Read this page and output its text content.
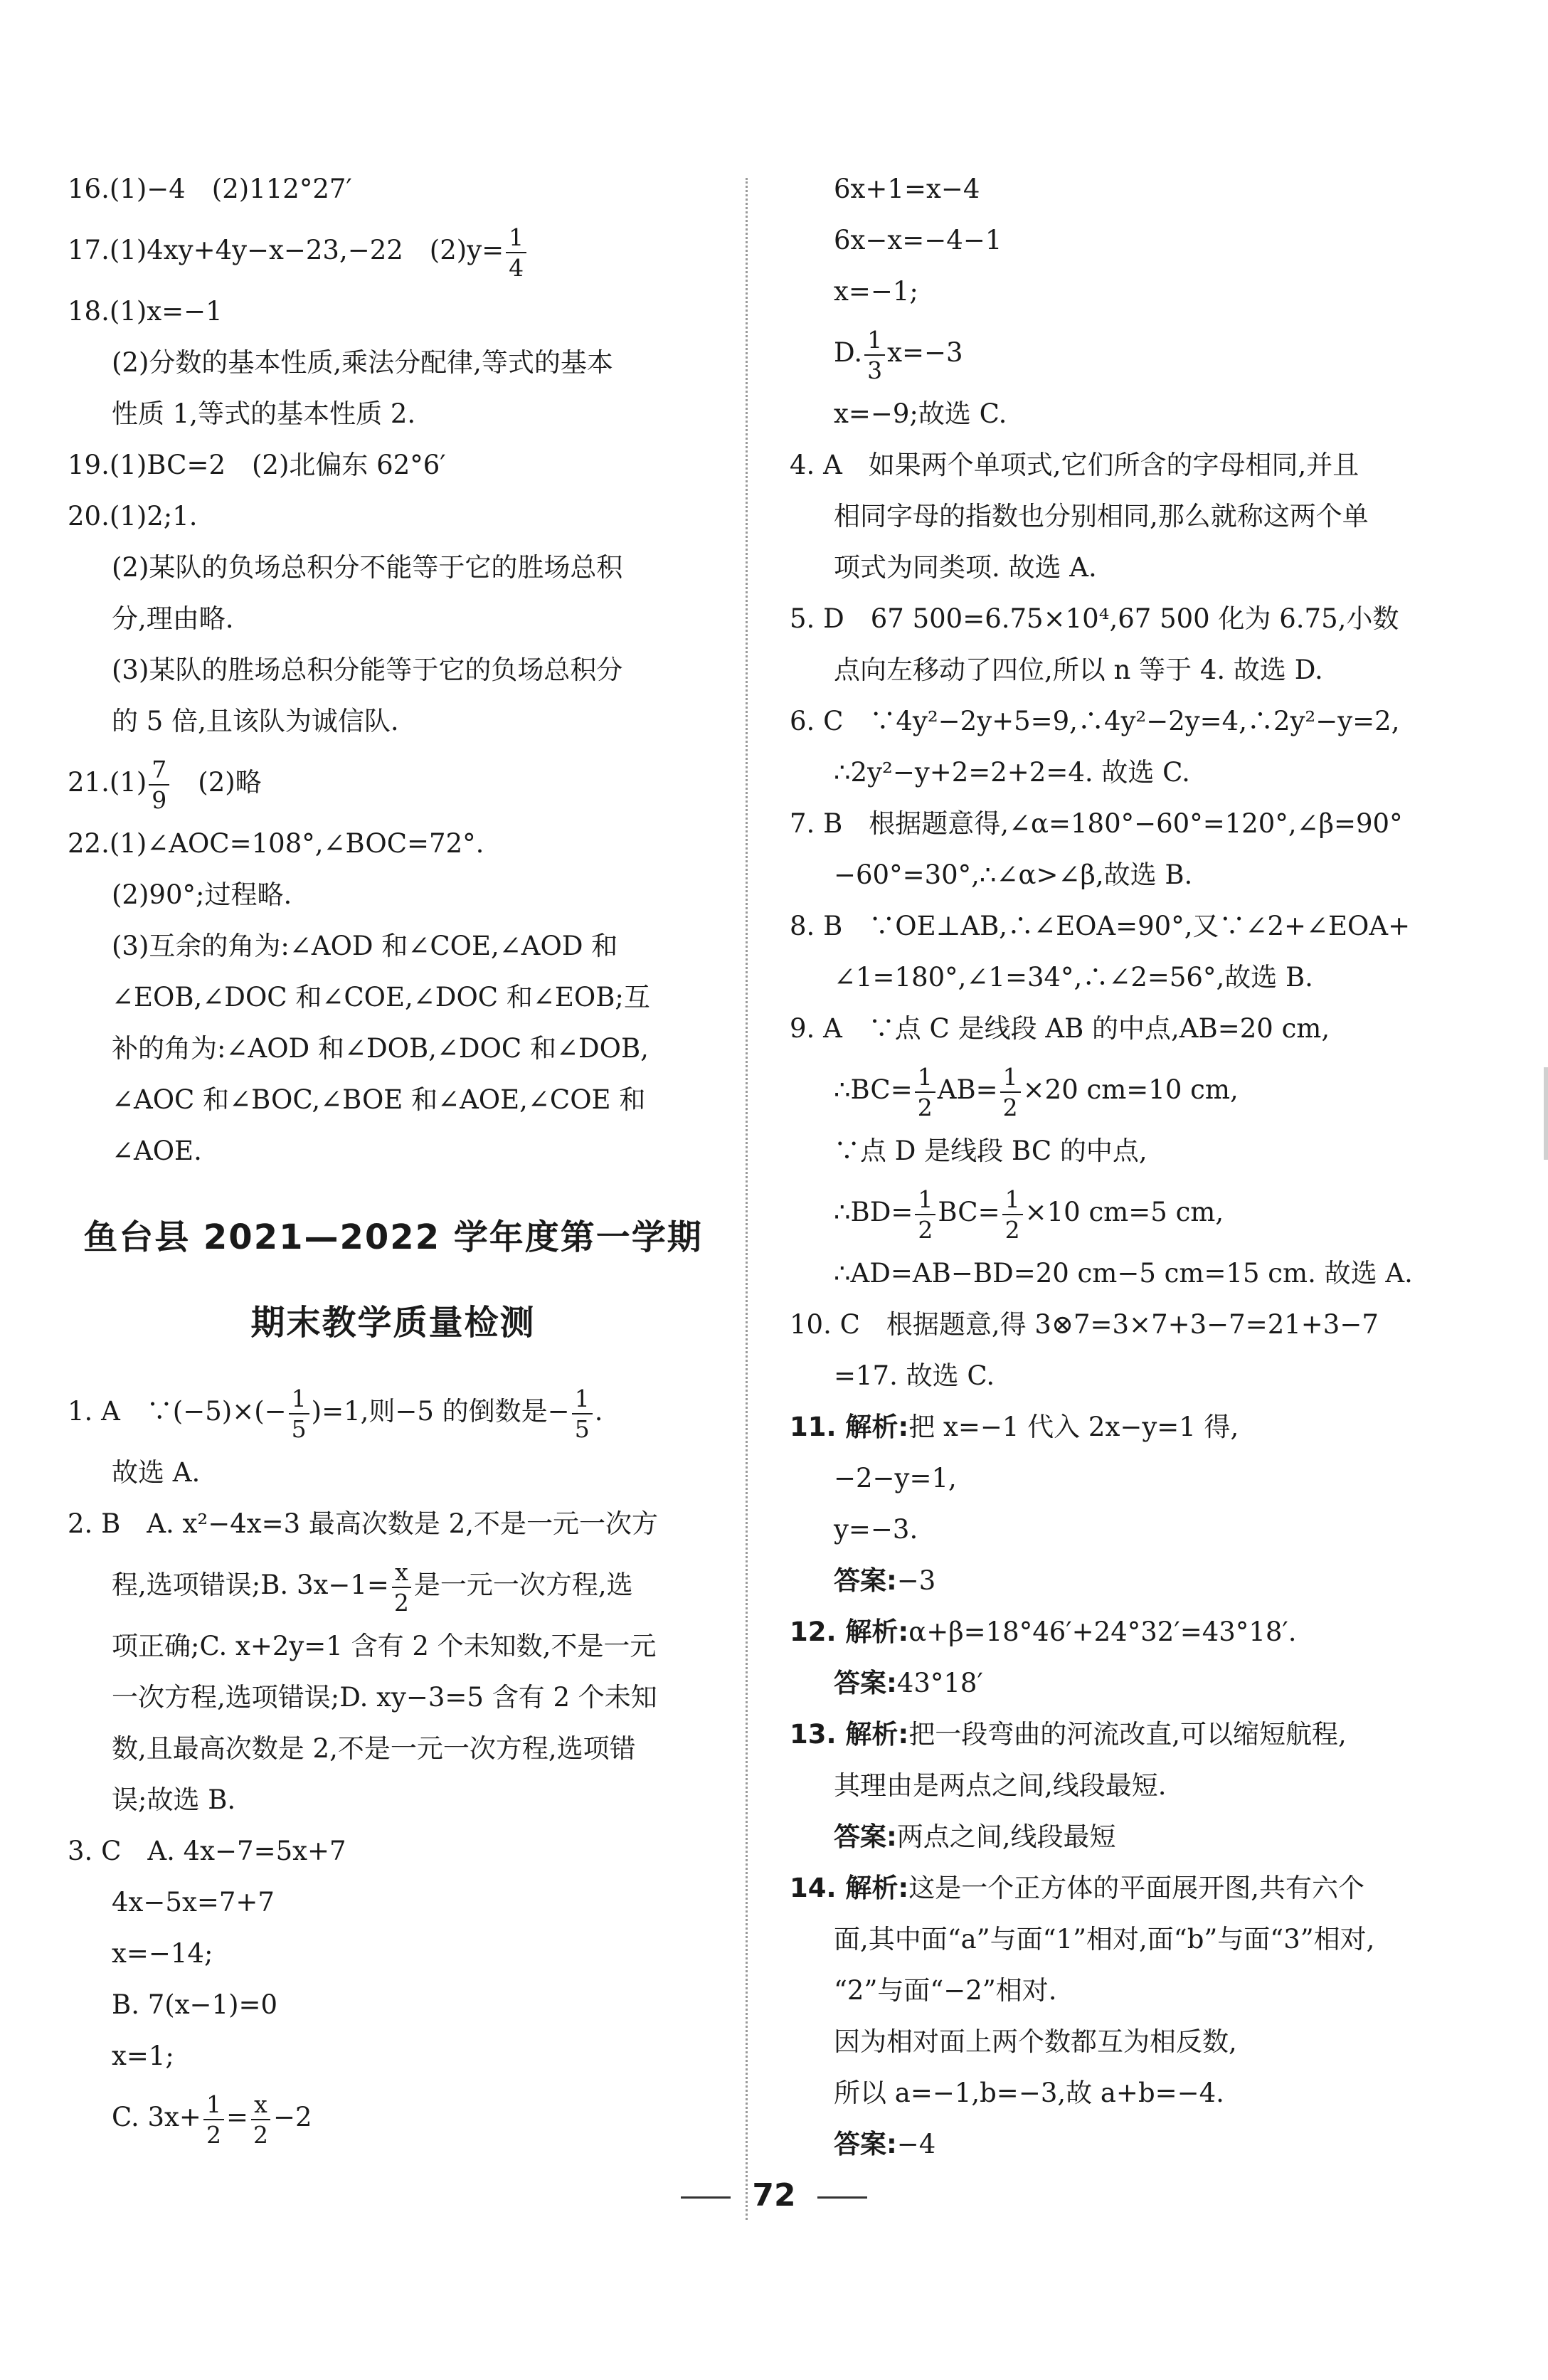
16.(1)−4　(2)112°27′
17.(1)4xy+4y−x−23,−22　$(2)y= \frac{1}{4}$
18.(1)x=−1
(2)分数的基本性质,乘法分配律,等式的基本
性质 1,等式的基本性质 2.
19.(1)BC=2　(2)北偏东 62°6′
20.(1)2;1.
(2)某队的负场总积分不能等于它的胜场总积
分,理由略.
(3)某队的胜场总积分能等于它的负场总积分
的 5 倍,且该队为诚信队.
$21.(1) \frac{7}{9}$ 　(2)略
22.(1)∠AOC=108°,∠BOC=72°.
(2)90°;过程略.
(3)互余的角为:∠AOD 和∠COE,∠AOD 和
∠EOB,∠DOC 和∠COE,∠DOC 和∠EOB;互
补的角为:∠AOD 和∠DOB,∠DOC 和∠DOB,
∠AOC 和∠BOC,∠BOE 和∠AOE,∠COE 和
∠AOE.
鱼台县 2021—2022 学年度第一学期
期末教学质量检测
1. A　∵(−5)×(− $\frac{1}{5} )=1$,则−5 的倒数是− $\frac{1}{5}$ .
故选 A.
2. B　A. x²−4x=3 最高次数是 2,不是一元一次方
程,选项错误;B. $3x-1= \frac{x}{2}$ 是一元一次方程,选
项正确;C. x+2y=1 含有 2 个未知数,不是一元
一次方程,选项错误;D. xy−3=5 含有 2 个未知
数,且最高次数是 2,不是一元一次方程,选项错
误;故选 B.
3. C　A. 4x−7=5x+7
4x−5x=7+7
x=−14;
B. 7(x−1)=0
x=1;
C. $3x+ \frac{1}{2} = \frac{x}{2} -2$
6x+1=x−4
6x−x=−4−1
x=−1;
D. $\frac{1}{3} x=-3$
x=−9;故选 C.
4. A　如果两个单项式,它们所含的字母相同,并且
相同字母的指数也分别相同,那么就称这两个单
项式为同类项. 故选 A.
5. D　67 500=6.75×10⁴,67 500 化为 6.75,小数
点向左移动了四位,所以 n 等于 4. 故选 D.
6. C　∵4y²−2y+5=9,∴4y²−2y=4,∴2y²−y=2,
∴2y²−y+2=2+2=4. 故选 C.
7. B　根据题意得,∠α=180°−60°=120°,∠β=90°
−60°=30°,∴∠α>∠β,故选 B.
8. B　∵OE⊥AB,∴∠EOA=90°,又∵∠2+∠EOA+
∠1=180°,∠1=34°,∴∠2=56°,故选 B.
9. A　∵点 C 是线段 AB 的中点,AB=20 cm,
∴BC= $\frac{1}{2} AB= \frac{1}{2} \times 20$ cm=10 cm,
∵点 D 是线段 BC 的中点,
∴BD= $\frac{1}{2} BC= \frac{1}{2} \times 10$ cm=5 cm,
∴AD=AB−BD=20 cm−5 cm=15 cm. 故选 A.
10. C　根据题意,得 3⊗7=3×7+3−7=21+3−7
=17. 故选 C.
11. 解析:把 x=−1 代入 2x−y=1 得,
−2−y=1,
y=−3.
答案:−3
12. 解析:α+β=18°46′+24°32′=43°18′.
答案:43°18′
13. 解析:把一段弯曲的河流改直,可以缩短航程,
其理由是两点之间,线段最短.
答案:两点之间,线段最短
14. 解析:这是一个正方体的平面展开图,共有六个
面,其中面“a”与面“1”相对,面“b”与面“3”相对,
“2”与面“−2”相对.
因为相对面上两个数都互为相反数,
所以 a=−1,b=−3,故 a+b=−4.
答案:−4
72
